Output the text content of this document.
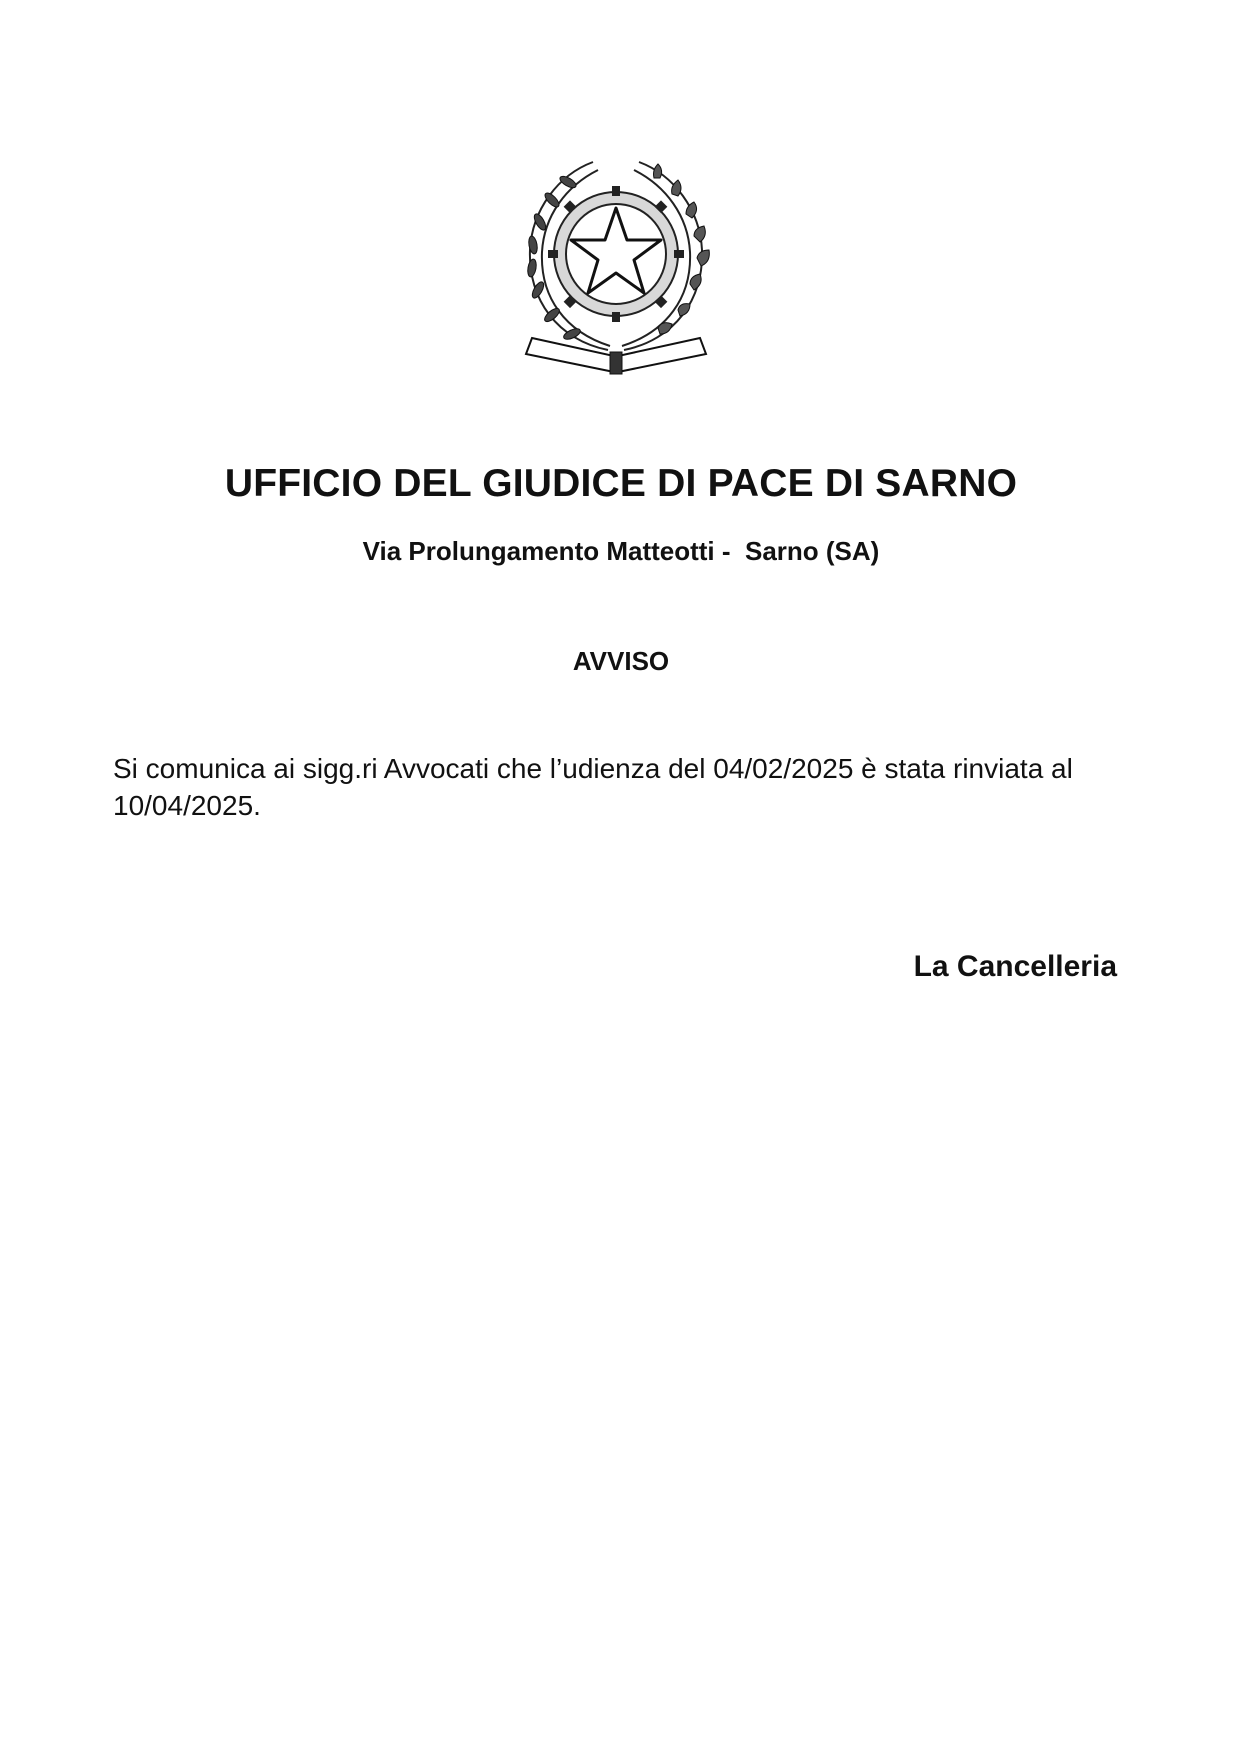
UFFICIO DEL GIUDICE DI PACE DI SARNO
Via Prolungamento Matteotti -  Sarno (SA)
AVVISO
Si comunica ai sigg.ri Avvocati che l’udienza del 04/02/2025 è stata rinviata al 10/04/2025.
La Cancelleria
